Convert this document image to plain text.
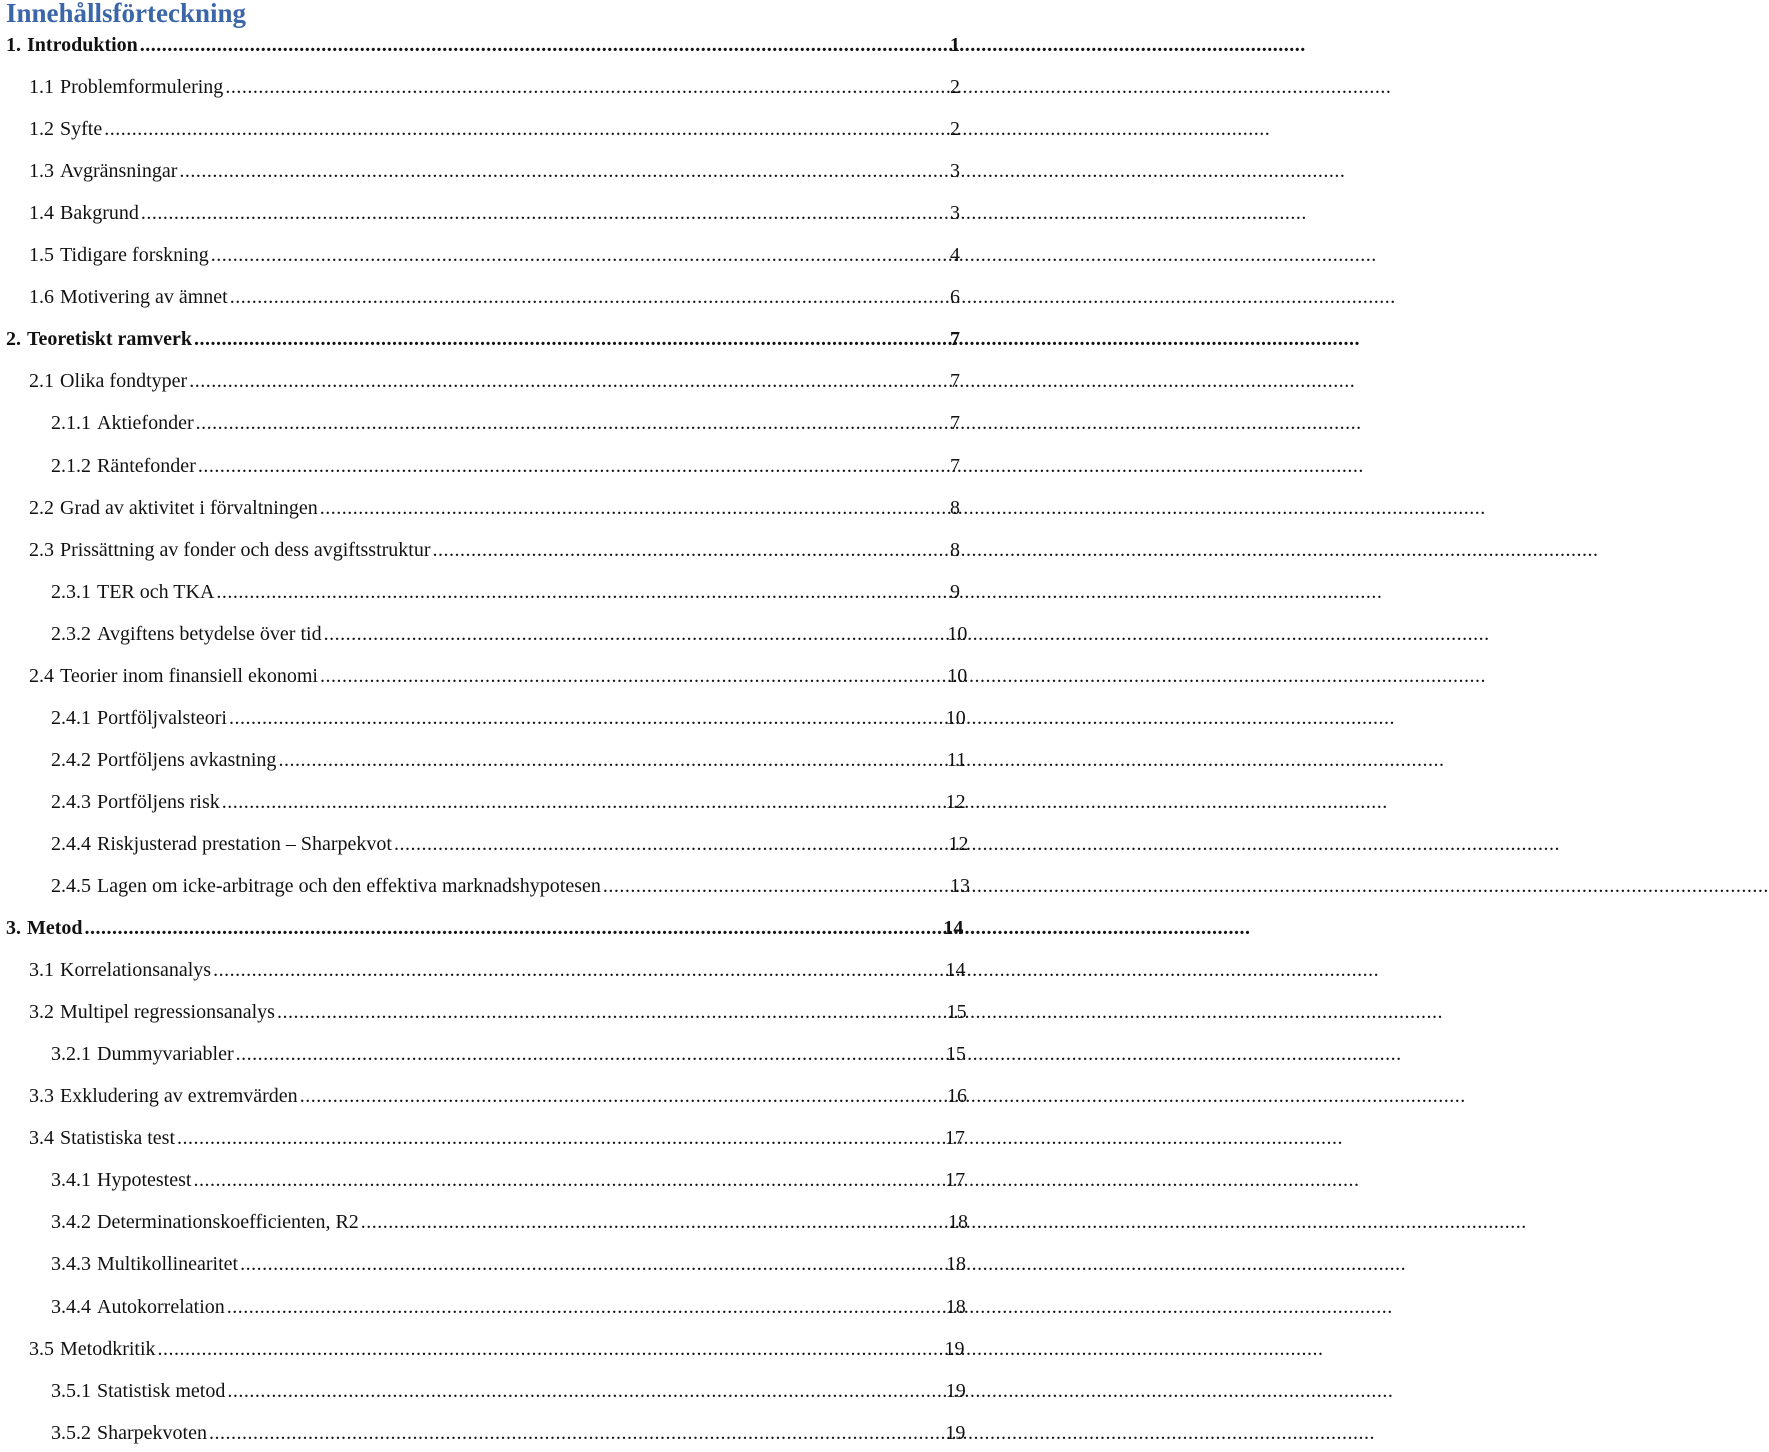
Innehållsförteckning
1. Introduktion .....	1
1.1 Problemformulering .....	2
1.2 Syfte .....	2
1.3 Avgränsningar .....	3
1.4 Bakgrund .....	3
1.5 Tidigare forskning .....	4
1.6 Motivering av ämnet .....	6
2. Teoretiskt ramverk .....	7
2.1 Olika fondtyper .....	7
2.1.1 Aktiefonder .....	7
2.1.2 Räntefonder .....	7
2.2 Grad av aktivitet i förvaltningen .....	8
2.3 Prissättning av fonder och dess avgiftsstruktur .....	8
2.3.1 TER och TKA .....	9
2.3.2 Avgiftens betydelse över tid .....	10
2.4 Teorier inom finansiell ekonomi .....	10
2.4.1 Portföljvalsteori .....	10
2.4.2 Portföljens avkastning .....	11
2.4.3 Portföljens risk .....	12
2.4.4 Riskjusterad prestation – Sharpekvot .....	12
2.4.5 Lagen om icke-arbitrage och den effektiva marknadshypotesen .....	13
3. Metod .....	14
3.1 Korrelationsanalys .....	14
3.2 Multipel regressionsanalys .....	15
3.2.1 Dummyvariabler .....	15
3.3 Exkludering av extremvärden .....	16
3.4 Statistiska test .....	17
3.4.1 Hypotestest .....	17
3.4.2 Determinationskoefficienten, R2 .....	18
3.4.3 Multikollinearitet .....	18
3.4.4 Autokorrelation .....	18
3.5 Metodkritik .....	19
3.5.1 Statistisk metod .....	19
3.5.2 Sharpekvoten .....	19
